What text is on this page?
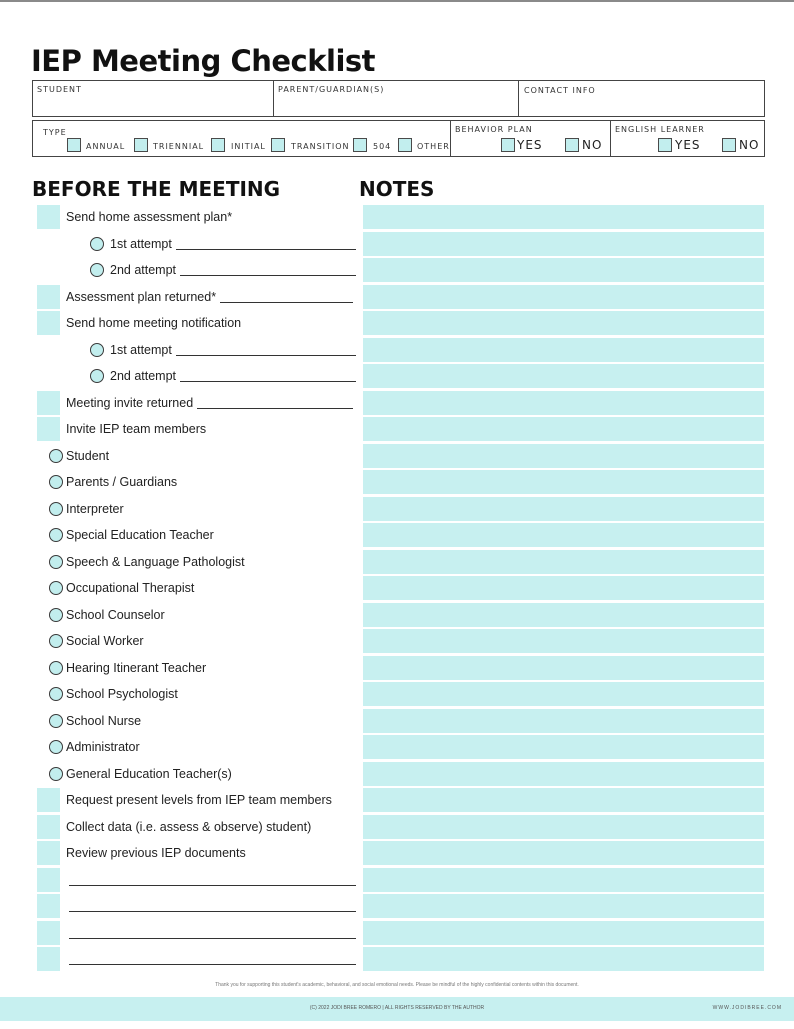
IEP Meeting Checklist
STUDENT	PARENT/GUARDIAN(S)	CONTACT INFO
TYPE
ANNUAL	TRIENNIAL	INITIAL	TRANSITION	504	OTHER
BEHAVIOR PLAN
YES	NO
ENGLISH LEARNER
YES	NO
BEFORE THE MEETING	NOTES
Send home assessment plan*
1st attempt
2nd attempt
Assessment plan returned*
Send home meeting notification
1st attempt
2nd attempt
Meeting invite returned
Invite IEP team members
Student
Parents / Guardians
Interpreter
Special Education Teacher
Speech & Language Pathologist
Occupational Therapist
School Counselor
Social Worker
Hearing Itinerant Teacher
School Psychologist
School Nurse
Administrator
General Education Teacher(s)
Request present levels from IEP team members
Collect data (i.e. assess & observe) student)
Review previous IEP documents
Thank you for supporting this student's academic, behavioral, and social emotional needs. Please be mindful of the highly confidential contents within this document.
(C) 2022 JODI BREE ROMERO | ALL RIGHTS RESERVED BY THE AUTHOR	WWW.JODIBREE.COM
